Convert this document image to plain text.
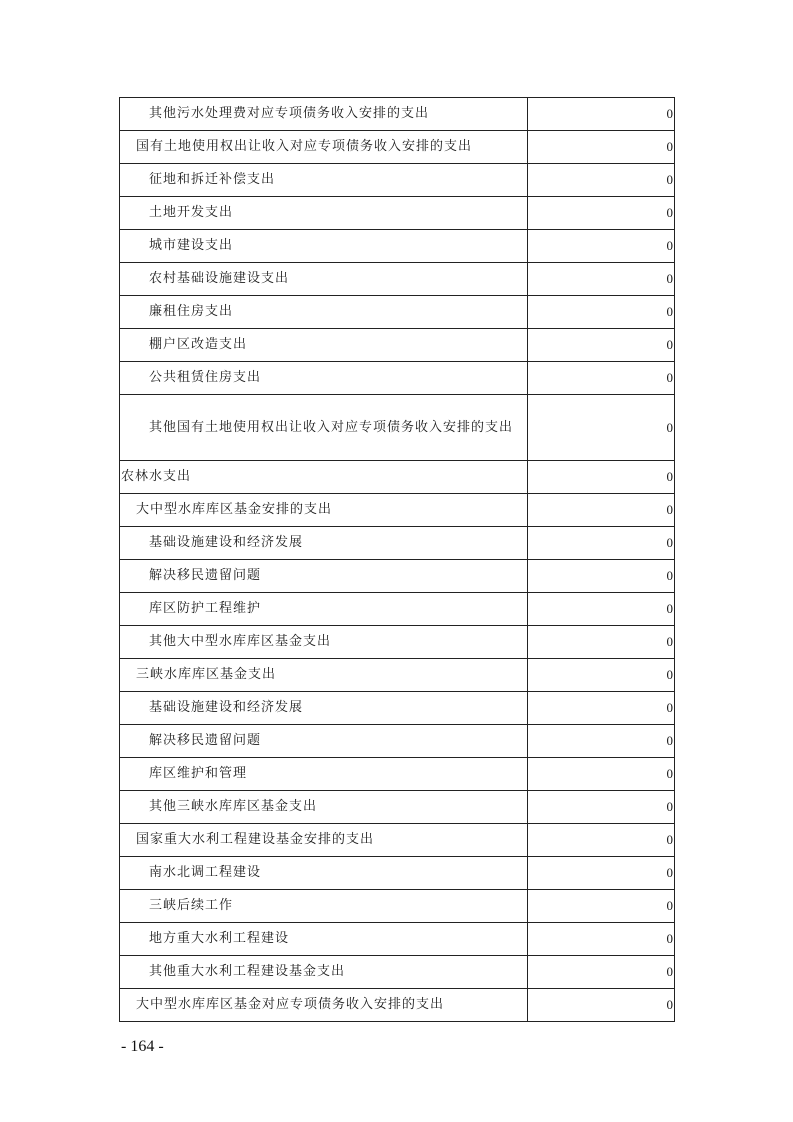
其他污水处理费对应专项债务收入安排的支出	0
国有土地使用权出让收入对应专项债务收入安排的支出	0
征地和拆迁补偿支出	0
土地开发支出	0
城市建设支出	0
农村基础设施建设支出	0
廉租住房支出	0
棚户区改造支出	0
公共租赁住房支出	0
其他国有土地使用权出让收入对应专项债务收入安排的支出	0
农林水支出	0
大中型水库库区基金安排的支出	0
基础设施建设和经济发展	0
解决移民遗留问题	0
库区防护工程维护	0
其他大中型水库库区基金支出	0
三峡水库库区基金支出	0
基础设施建设和经济发展	0
解决移民遗留问题	0
库区维护和管理	0
其他三峡水库库区基金支出	0
国家重大水利工程建设基金安排的支出	0
南水北调工程建设	0
三峡后续工作	0
地方重大水利工程建设	0
其他重大水利工程建设基金支出	0
大中型水库库区基金对应专项债务收入安排的支出	0
- 164 -
